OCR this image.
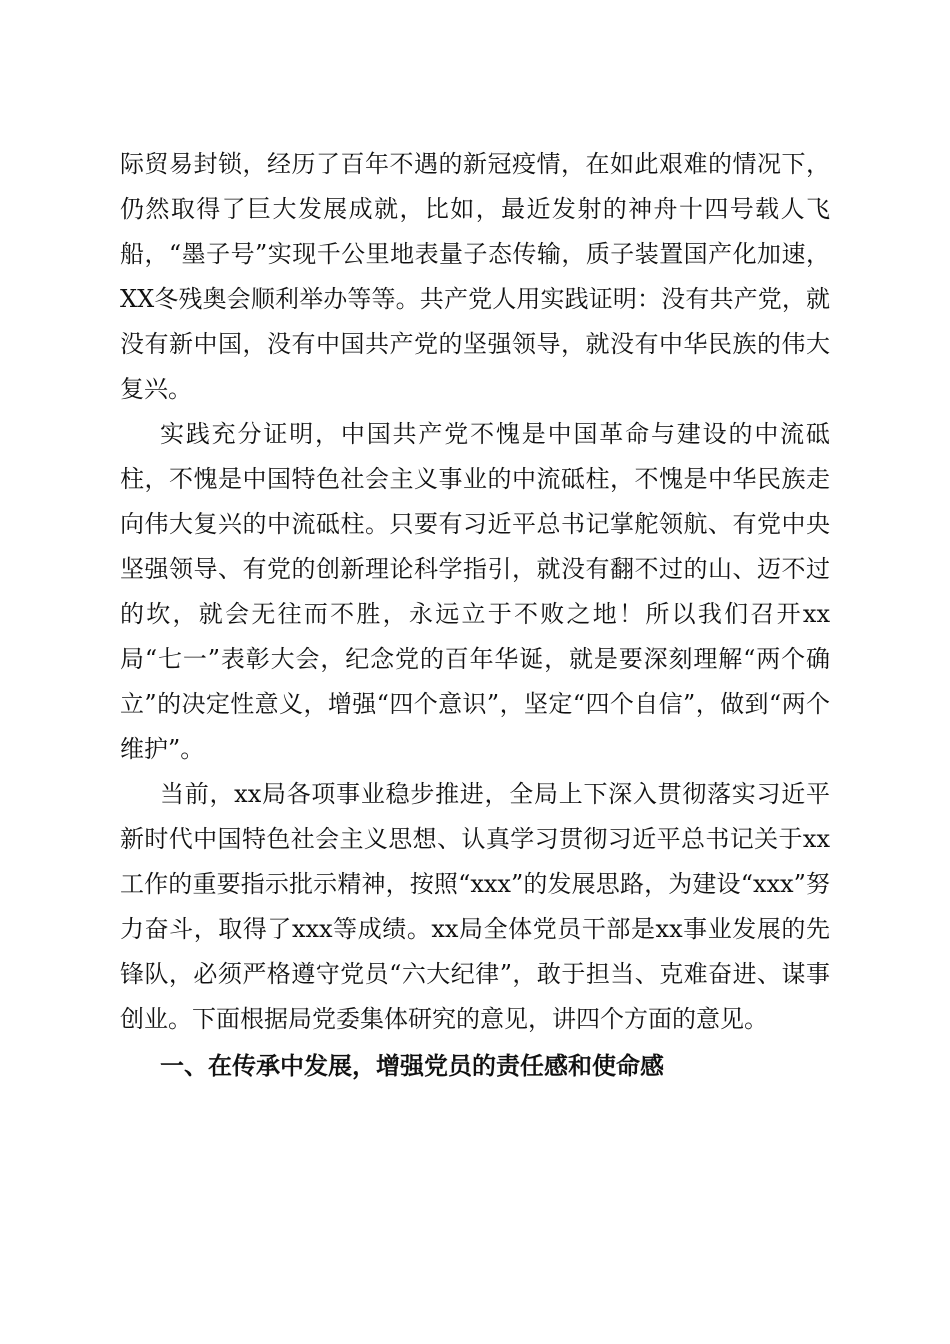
际贸易封锁，经历了百年不遇的新冠疫情，在如此艰难的情况下，仍然取得了巨大发展成就，比如，最近发射的神舟十四号载人飞船，“墨子号”实现千公里地表量子态传输，质子装置国产化加速，XX冬残奥会顺利举办等等。共产党人用实践证明：没有共产党，就没有新中国，没有中国共产党的坚强领导，就没有中华民族的伟大复兴。

实践充分证明，中国共产党不愧是中国革命与建设的中流砥柱，不愧是中国特色社会主义事业的中流砥柱，不愧是中华民族走向伟大复兴的中流砥柱。只要有习近平总书记掌舵领航、有党中央坚强领导、有党的创新理论科学指引，就没有翻不过的山、迈不过的坎，就会无往而不胜，永远立于不败之地！所以我们召开xx局“七一”表彰大会，纪念党的百年华诞，就是要深刻理解“两个确立”的决定性意义，增强“四个意识”，坚定“四个自信”，做到“两个维护”。

当前，xx局各项事业稳步推进，全局上下深入贯彻落实习近平新时代中国特色社会主义思想、认真学习贯彻习近平总书记关于xx工作的重要指示批示精神，按照“xxx”的发展思路，为建设“xxx”努力奋斗，取得了xxx等成绩。xx局全体党员干部是xx事业发展的先锋队，必须严格遵守党员“六大纪律”，敢于担当、克难奋进、谋事创业。下面根据局党委集体研究的意见，讲四个方面的意见。

一、在传承中发展，增强党员的责任感和使命感
